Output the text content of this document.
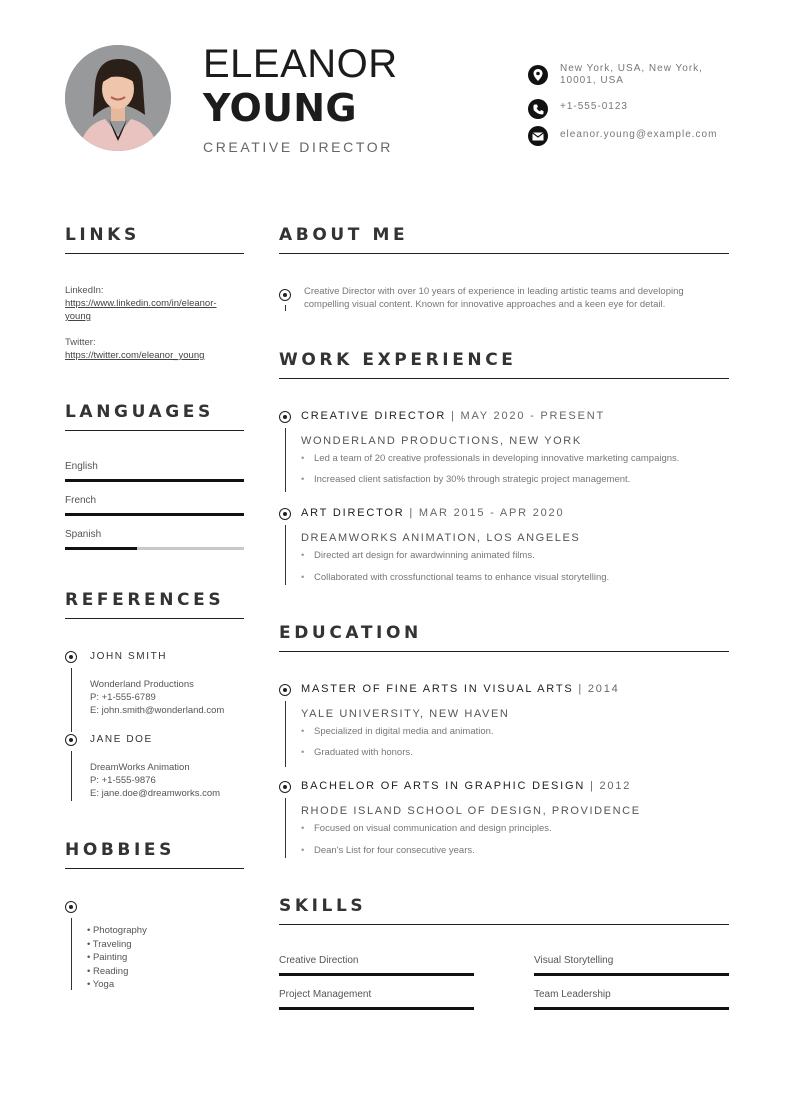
ELEANOR
YOUNG
CREATIVE DIRECTOR
New York, USA, New York,
10001, USA
+1-555-0123
eleanor.young@example.com
LINKS
LinkedIn:
https://www.linkedin.com/in/eleanor-
young
Twitter:
https://twitter.com/eleanor_young
LANGUAGES
English
French
Spanish
REFERENCES
JOHN SMITH
Wonderland Productions
P: +1-555-6789
E: john.smith@wonderland.com
JANE DOE
DreamWorks Animation
P: +1-555-9876
E: jane.doe@dreamworks.com
HOBBIES
• Photography
• Traveling
• Painting
• Reading
• Yoga
ABOUT ME
Creative Director with over 10 years of experience in leading artistic teams and developing
compelling visual content. Known for innovative approaches and a keen eye for detail.
WORK EXPERIENCE
CREATIVE DIRECTOR | MAY 2020 - PRESENT
WONDERLAND PRODUCTIONS, NEW YORK
• Led a team of 20 creative professionals in developing innovative marketing campaigns.
• Increased client satisfaction by 30% through strategic project management.
ART DIRECTOR | MAR 2015 - APR 2020
DREAMWORKS ANIMATION, LOS ANGELES
• Directed art design for awardwinning animated films.
• Collaborated with crossfunctional teams to enhance visual storytelling.
EDUCATION
MASTER OF FINE ARTS IN VISUAL ARTS | 2014
YALE UNIVERSITY, NEW HAVEN
• Specialized in digital media and animation.
• Graduated with honors.
BACHELOR OF ARTS IN GRAPHIC DESIGN | 2012
RHODE ISLAND SCHOOL OF DESIGN, PROVIDENCE
• Focused on visual communication and design principles.
• Dean's List for four consecutive years.
SKILLS
Creative Direction	Visual Storytelling
Project Management	Team Leadership
